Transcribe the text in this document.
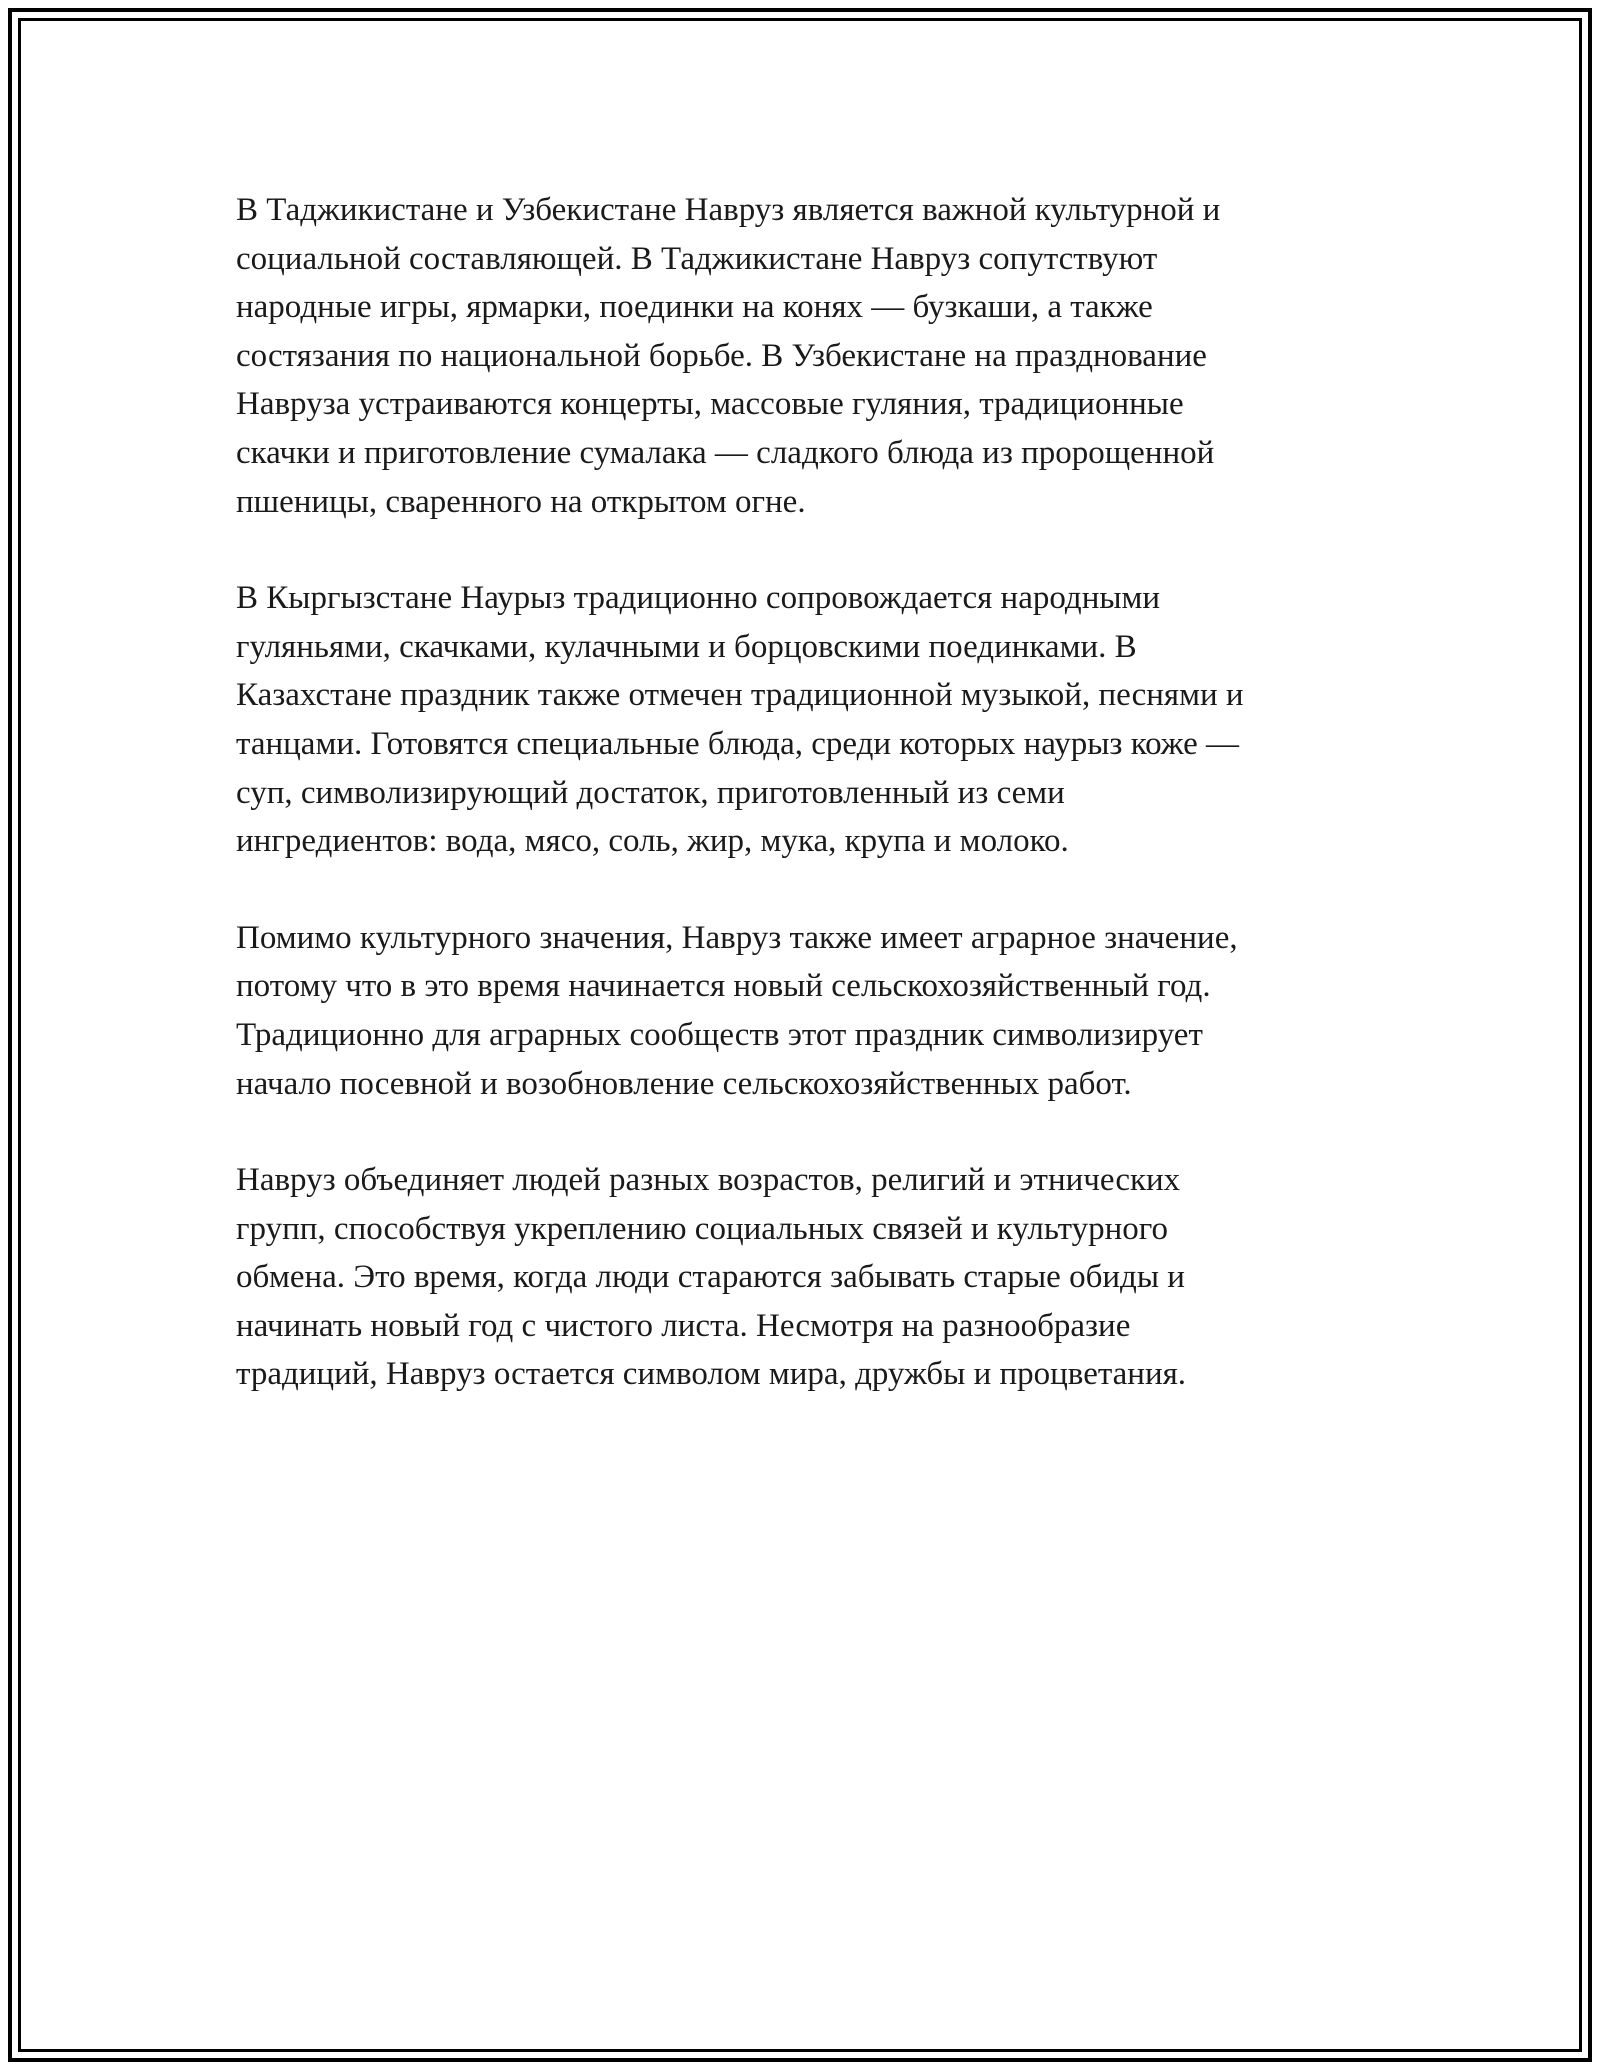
В Таджикистане и Узбекистане Навруз является важной культурной и
социальной составляющей. В Таджикистане Навруз сопутствуют
народные игры, ярмарки, поединки на конях — бузкаши, а также
состязания по национальной борьбе. В Узбекистане на празднование
Навруза устраиваются концерты, массовые гуляния, традиционные
скачки и приготовление сумалака — сладкого блюда из пророщенной
пшеницы, сваренного на открытом огне.

В Кыргызстане Наурыз традиционно сопровождается народными
гуляньями, скачками, кулачными и борцовскими поединками. В
Казахстане праздник также отмечен традиционной музыкой, песнями и
танцами. Готовятся специальные блюда, среди которых наурыз коже —
суп, символизирующий достаток, приготовленный из семи
ингредиентов: вода, мясо, соль, жир, мука, крупа и молоко.

Помимо культурного значения, Навруз также имеет аграрное значение,
потому что в это время начинается новый сельскохозяйственный год.
Традиционно для аграрных сообществ этот праздник символизирует
начало посевной и возобновление сельскохозяйственных работ.

Навруз объединяет людей разных возрастов, религий и этнических
групп, способствуя укреплению социальных связей и культурного
обмена. Это время, когда люди стараются забывать старые обиды и
начинать новый год с чистого листа. Несмотря на разнообразие
традиций, Навруз остается символом мира, дружбы и процветания.
